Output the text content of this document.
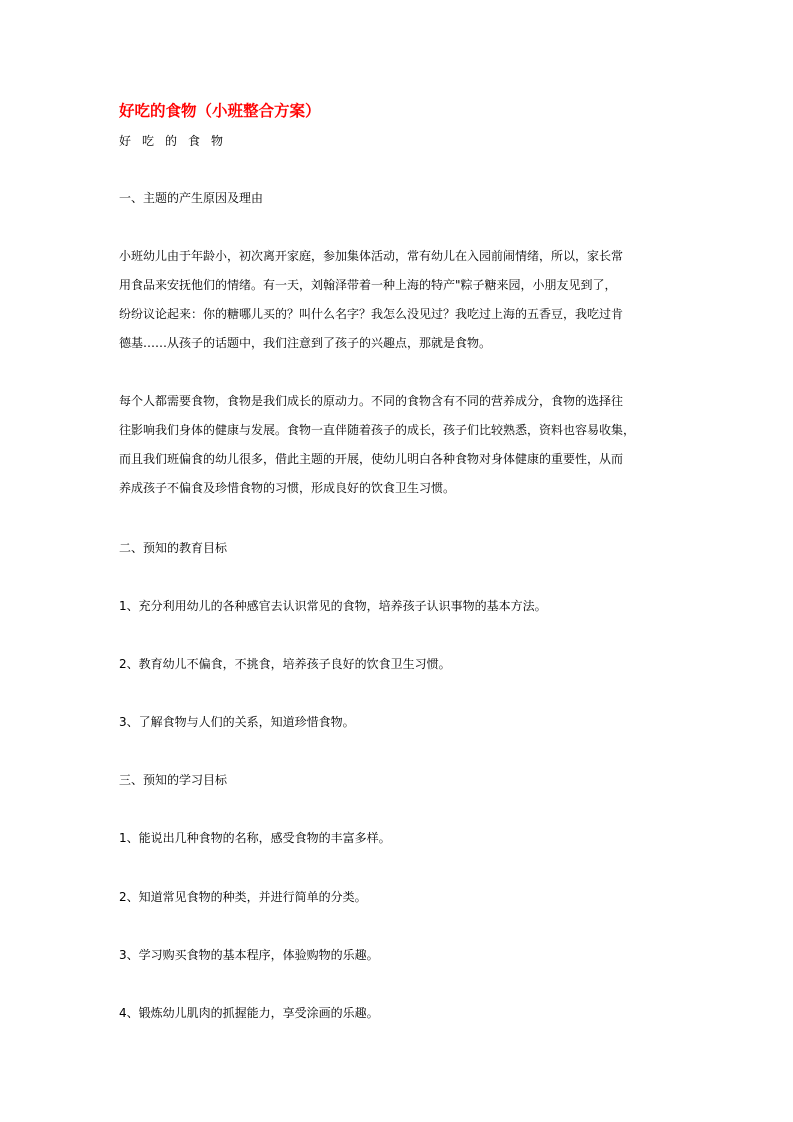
好吃的食物（小班整合方案）
好吃的食物
一、主题的产生原因及理由
小班幼儿由于年龄小，初次离开家庭，参加集体活动，常有幼儿在入园前闹情绪，所以，家长常
用食品来安抚他们的情绪。有一天，刘翰泽带着一种上海的特产"粽子糖来园，小朋友见到了，
纷纷议论起来：你的糖哪儿买的？叫什么名字？我怎么没见过？我吃过上海的五香豆，我吃过肯
德基……从孩子的话题中，我们注意到了孩子的兴趣点，那就是食物。
每个人都需要食物，食物是我们成长的原动力。不同的食物含有不同的营养成分，食物的选择往
往影响我们身体的健康与发展。食物一直伴随着孩子的成长，孩子们比较熟悉，资料也容易收集，
而且我们班偏食的幼儿很多，借此主题的开展，使幼儿明白各种食物对身体健康的重要性，从而
养成孩子不偏食及珍惜食物的习惯，形成良好的饮食卫生习惯。
二、预知的教育目标
1、充分利用幼儿的各种感官去认识常见的食物，培养孩子认识事物的基本方法。
2、教育幼儿不偏食，不挑食，培养孩子良好的饮食卫生习惯。
3、了解食物与人们的关系，知道珍惜食物。
三、预知的学习目标
1、能说出几种食物的名称，感受食物的丰富多样。
2、知道常见食物的种类，并进行简单的分类。
3、学习购买食物的基本程序，体验购物的乐趣。
4、锻炼幼儿肌肉的抓握能力，享受涂画的乐趣。
